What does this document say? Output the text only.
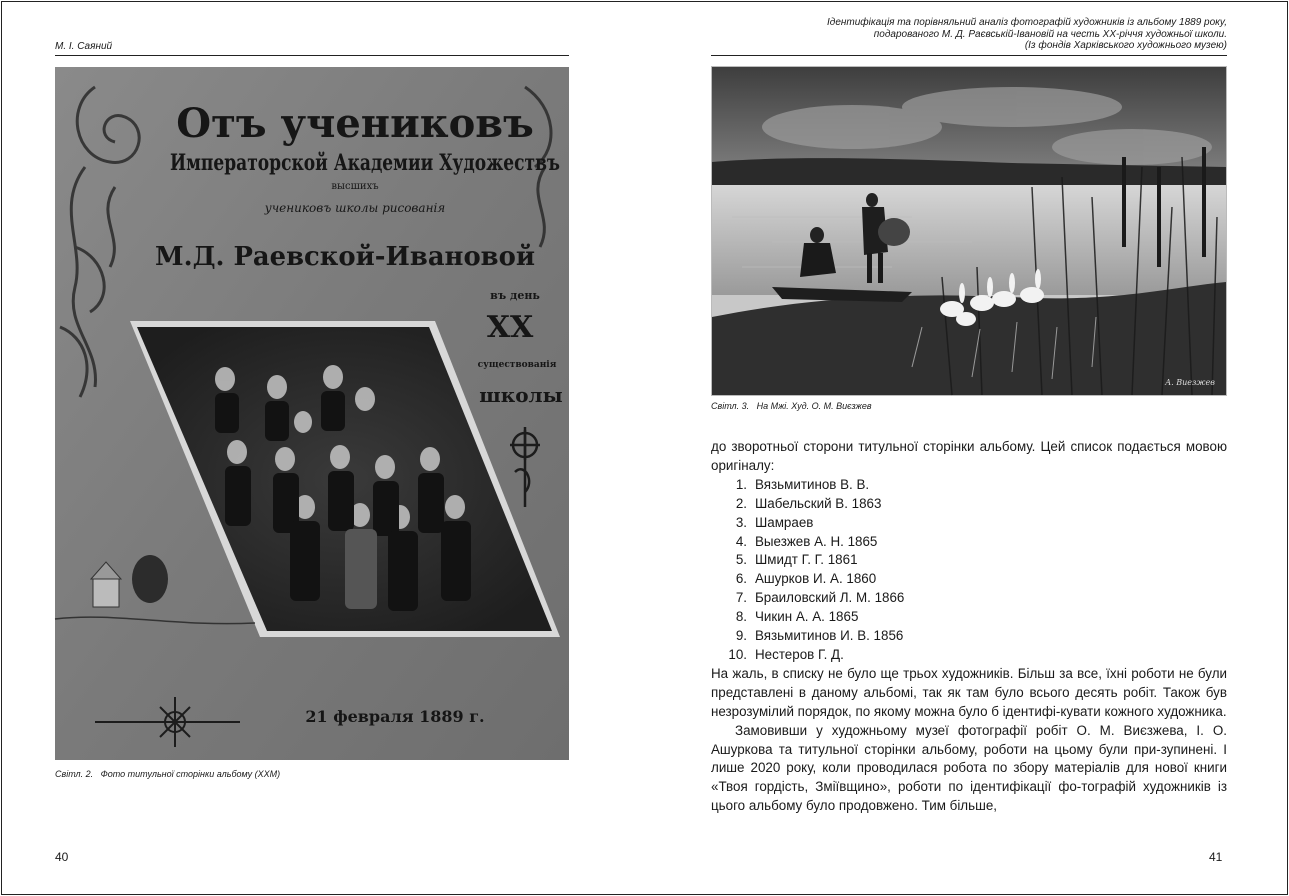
М. І. Саяний
Отъ учениковъ
Императорской Академии Художествъ
высшихъ
учениковъ школы рисованiя
М.Д. Раевской-Ивановой
въ день
XX
существованiя
школы
21 февраля 1889 г.
Світл. 2. Фото титульної сторінки альбому (ХХМ)
40
Ідентифікація та порівняльний аналіз фотографій художників із альбому 1889 року,
подарованого М. Д. Раєвській-Івановій на честь XX-річчя художньої школи.
(Із фондів Харківського художнього музею)
А. Виезжев
Світл. 3. На Мжі. Худ. О. М. Виєзжев

до зворотньої сторони титульної сторінки альбому. Цей список подається мовою оригіналу:

1. Вязьмитинов В. В.
2. Шабельский В. 1863
3. Шамраев
4. Выезжев А. Н. 1865
5. Шмидт Г. Г. 1861
6. Ашурков И. А. 1860
7. Браиловский Л. М. 1866
8. Чикин А. А. 1865
9. Вязьмитинов И. В. 1856
10. Нестеров Г. Д.

На жаль, в списку не було ще трьох художників. Більш за все, їхні роботи не були представлені в даному альбомі, так як там було всього десять робіт. Також був незрозумілий порядок, по якому можна було б ідентифі-кувати кожного художника.

Замовивши у художньому музеї фотографії робіт О. М. Виєзжева, І. О. Ашуркова та титульної сторінки альбому, роботи на цьому були при-зупинені. І лише 2020 року, коли проводилася робота по збору матеріалів для нової книги «Твоя гордість, Зміївщино», роботи по ідентифікації фо-тографій художників із цього альбому було продовжено. Тим більше,

41
